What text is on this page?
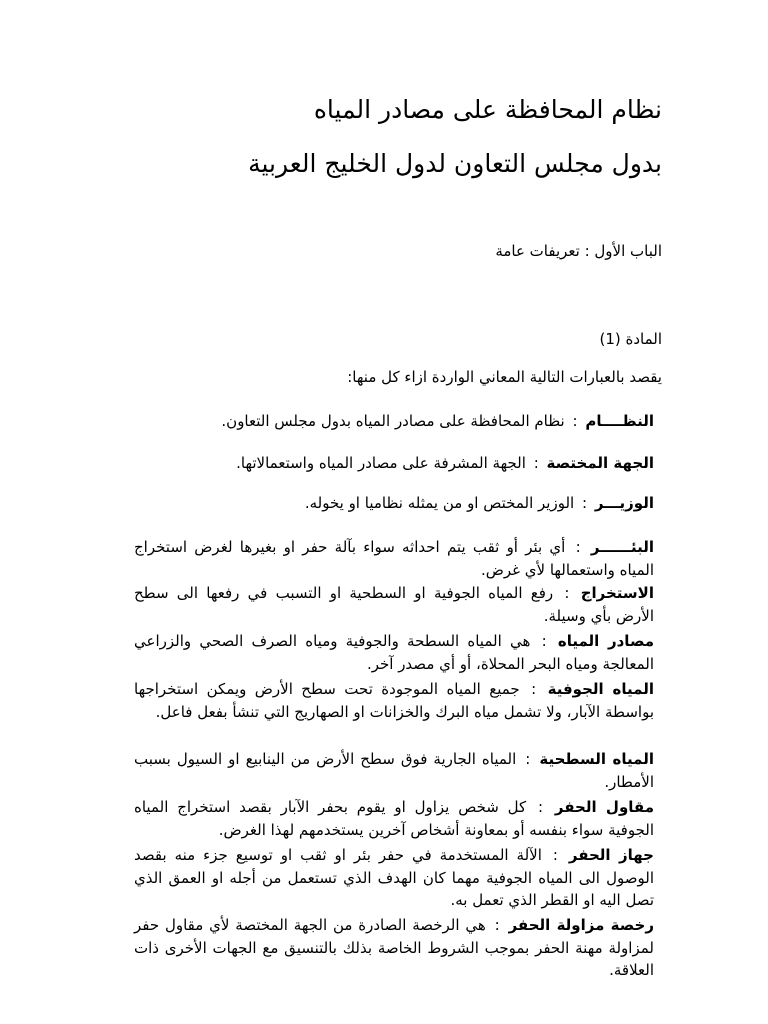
نظام المحافظة على مصادر المياه
بدول مجلس التعاون لدول الخليج العربية
الباب الأول : تعريفات عامة
المادة (1)
يقصد بالعبارات التالية المعاني الواردة ازاء كل منها:
النظــــام : نظام المحافظة على مصادر المياه بدول مجلس التعاون.
الجهة المختصة : الجهة المشرفة على مصادر المياه واستعمالاتها.
الوزيـــر : الوزير المختص او من يمثله نظاميا او يخوله.
البئــــــر : أي بئر أو ثقب يتم احداثه سواء بآلة حفر او بغيرها لغرض استخراج المياه واستعمالها لأي غرض.
الاستخراج : رفع المياه الجوفية او السطحية او التسبب في رفعها الى سطح الأرض بأي وسيلة.
مصادر المياه : هي المياه السطحة والجوفية ومياه الصرف الصحي والزراعي المعالجة ومياه البحر المحلاة، أو أي مصدر آخر.
المياه الجوفية : جميع المياه الموجودة تحت سطح الأرض ويمكن استخراجها بواسطة الآبار، ولا تشمل مياه البرك والخزانات او الصهاريج التي تنشأ بفعل فاعل.
المياه السطحية : المياه الجارية فوق سطح الأرض من الينابيع او السيول بسبب الأمطار.
مقاول الحفر : كل شخص يزاول او يقوم بحفر الآبار بقصد استخراج المياه الجوفية سواء بنفسه أو بمعاونة أشخاص آخرين يستخدمهم لهذا الغرض.
جهاز الحفر : الآلة المستخدمة في حفر بئر او ثقب او توسيع جزء منه بقصد الوصول الى المياه الجوفية مهما كان الهدف الذي تستعمل من أجله او العمق الذي تصل اليه او القطر الذي تعمل به.
رخصة مزاولة الحفر : هي الرخصة الصادرة من الجهة المختصة لأي مقاول حفر لمزاولة مهنة الحفر بموجب الشروط الخاصة بذلك بالتنسيق مع الجهات الأخرى ذات العلاقة.
